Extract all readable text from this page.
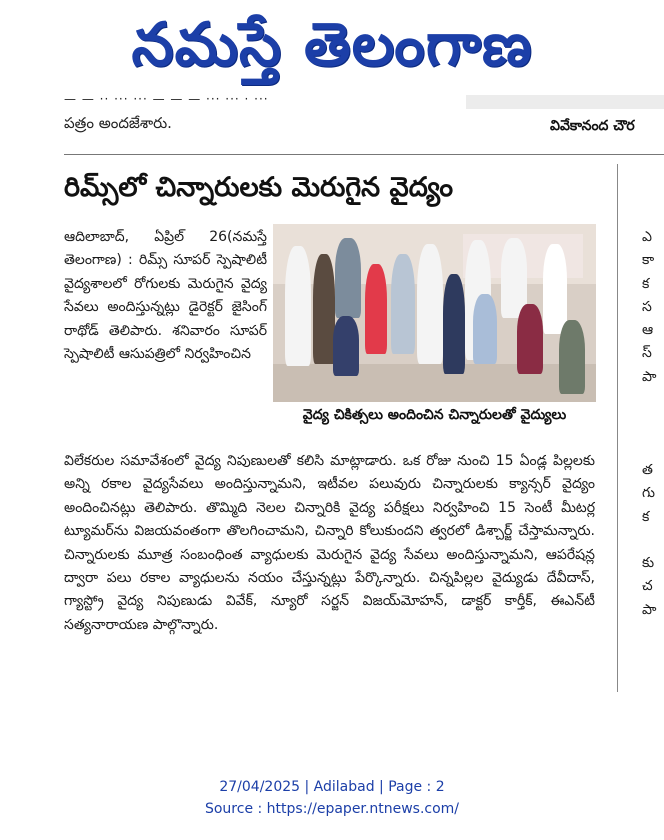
నమస్తే తెలంగాణ
— — ·· ··· ··· — — — ··· ··· · ···
పత్రం అందజేశారు.	వివేకానంద చౌర
రిమ్స్‌లో చిన్నారులకు మెరుగైన వైద్యం
ఆదిలాబాద్, ఏప్రిల్ 26(నమస్తే తెలంగాణ) : రిమ్స్ సూపర్ స్పెషాలిటీ వైద్యశాలలో రోగులకు మెరుగైన వైద్య సేవలు అందిస్తున్నట్లు డైరెక్టర్ జైసింగ్ రాథోడ్ తెలిపారు. శనివారం సూపర్ స్పెషాలిటీ ఆసుపత్రిలో నిర్వహించిన
వైద్య చికిత్సలు అందించిన చిన్నారులతో వైద్యులు
విలేకరుల సమావేశంలో వైద్య నిపుణులతో కలిసి మాట్లాడారు. ఒక రోజు నుంచి 15 ఏండ్ల పిల్లలకు అన్ని రకాల వైద్యసేవలు అందిస్తున్నామని, ఇటీవల పలువురు చిన్నారులకు క్యాన్సర్ వైద్యం అందించినట్లు తెలిపారు. తొమ్మిది నెలల చిన్నారికి వైద్య పరీక్షలు నిర్వహించి 15 సెంటీ మీటర్ల ట్యూమర్‌ను విజయవంతంగా తొలగించామని, చిన్నారి కోలుకుందని త్వరలో డిశ్చార్జ్ చేస్తామన్నారు. చిన్నారులకు మూత్ర సంబంధింత వ్యాధులకు మెరుగైన వైద్య సేవలు అందిస్తున్నామని, ఆపరేషన్ల ద్వారా పలు రకాల వ్యాధులను నయం చేస్తున్నట్లు పేర్కొన్నారు. చిన్నపిల్లల వైద్యుడు దేవీదాస్, గ్యాస్ట్రో వైద్య నిపుణుడు వివేక్, న్యూరో సర్జన్ విజయ్‌మోహన్, డాక్టర్ కార్తీక్, ఈఎన్‌టీ సత్యనారాయణ పాల్గొన్నారు.
ఎ
కా
క
స
ఆ
స్
పా
త
గు
క
కు
చ
పా
27/04/2025 | Adilabad | Page : 2
Source : https://epaper.ntnews.com/
